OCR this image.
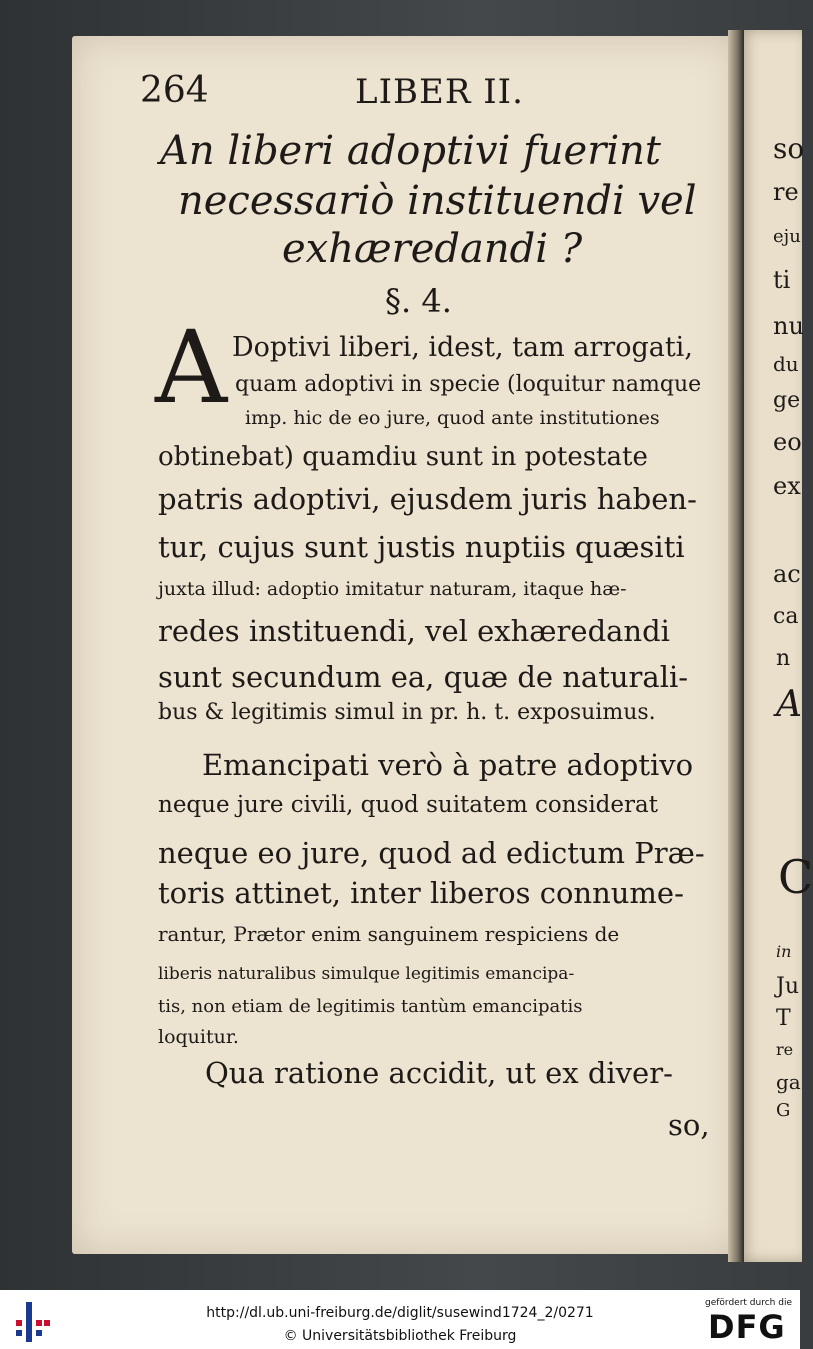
264	LIBER II.
An liberi adoptivi fuerint
necessariò instituendi vel
exhæredandi ?
§. 4.
A Doptivi liberi, idest, tam arrogati,
quam adoptivi in specie (loquitur namque
imp. hic de eo jure, quod ante institutiones
obtinebat) quamdiu sunt in potestate
patris adoptivi, ejusdem juris haben-
tur, cujus sunt justis nuptiis quæsiti
juxta illud: adoptio imitatur naturam, itaque hæ-
redes instituendi, vel exhæredandi
sunt secundum ea, quæ de naturali-
bus & legitimis simul in pr. h. t. exposuimus.
Emancipati verò à patre adoptivo
neque jure civili, quod suitatem considerat
neque eo jure, quod ad edictum Præ-
toris attinet, inter liberos connume-
rantur, Prætor enim sanguinem respiciens de
liberis naturalibus simulque legitimis emancipa-
tis, non etiam de legitimis tantùm emancipatis
loquitur.
Qua ratione accidit, ut ex diver-
so,
so
re
eju
ti
nu
du
ge
eo
ex
ac
ca
n
A
C
in
Ju
T
re
ga
G
http://dl.ub.uni-freiburg.de/diglit/susewind1724_2/0271
© Universitätsbibliothek Freiburg
gefördert durch die
DFG
